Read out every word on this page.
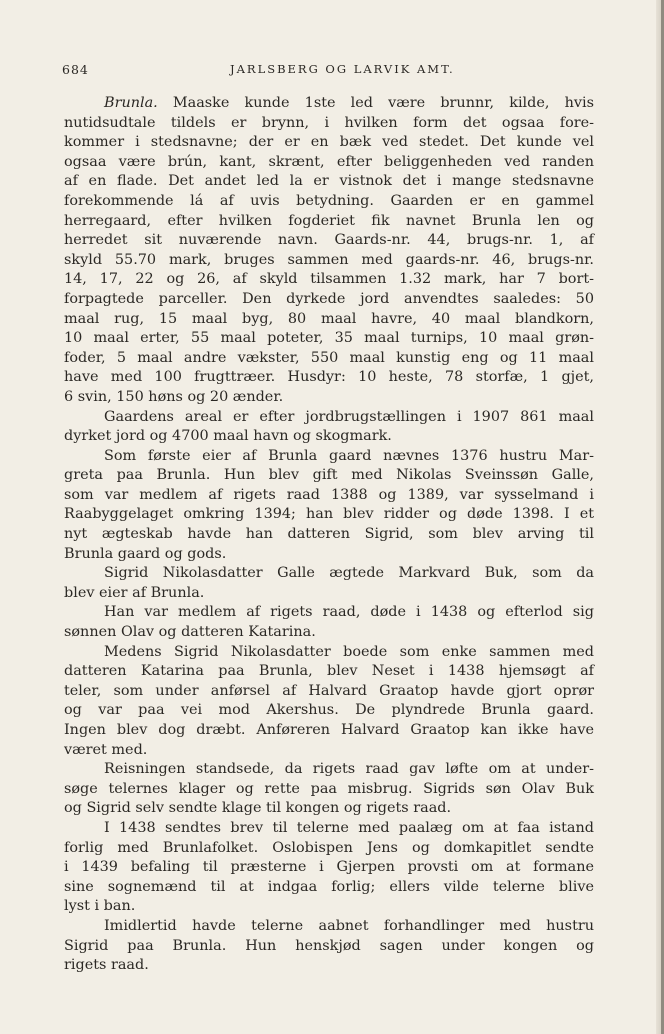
684	JARLSBERG OG LARVIK AMT.
Brunla. Maaske kunde 1ste led være brunnr, kilde, hvis
nutidsudtale tildels er brynn, i hvilken form det ogsaa fore-
kommer i stedsnavne; der er en bæk ved stedet. Det kunde vel
ogsaa være brún, kant, skrænt, efter beliggenheden ved randen
af en flade. Det andet led la er vistnok det i mange stedsnavne
forekommende lá af uvis betydning. Gaarden er en gammel
herregaard, efter hvilken fogderiet fik navnet Brunla len og
herredet sit nuværende navn. Gaards-nr. 44, brugs-nr. 1, af
skyld 55.70 mark, bruges sammen med gaards-nr. 46, brugs-nr.
14, 17, 22 og 26, af skyld tilsammen 1.32 mark, har 7 bort-
forpagtede parceller. Den dyrkede jord anvendtes saaledes: 50
maal rug, 15 maal byg, 80 maal havre, 40 maal blandkorn,
10 maal erter, 55 maal poteter, 35 maal turnips, 10 maal grøn-
foder, 5 maal andre vækster, 550 maal kunstig eng og 11 maal
have med 100 frugttræer. Husdyr: 10 heste, 78 storfæ, 1 gjet,
6 svin, 150 høns og 20 ænder.
Gaardens areal er efter jordbrugstællingen i 1907 861 maal
dyrket jord og 4700 maal havn og skogmark.
Som første eier af Brunla gaard nævnes 1376 hustru Mar-
greta paa Brunla. Hun blev gift med Nikolas Sveinssøn Galle,
som var medlem af rigets raad 1388 og 1389, var sysselmand i
Raabyggelaget omkring 1394; han blev ridder og døde 1398. I et
nyt ægteskab havde han datteren Sigrid, som blev arving til
Brunla gaard og gods.
Sigrid Nikolasdatter Galle ægtede Markvard Buk, som da
blev eier af Brunla.
Han var medlem af rigets raad, døde i 1438 og efterlod sig
sønnen Olav og datteren Katarina.
Medens Sigrid Nikolasdatter boede som enke sammen med
datteren Katarina paa Brunla, blev Neset i 1438 hjemsøgt af
teler, som under anførsel af Halvard Graatop havde gjort oprør
og var paa vei mod Akershus. De plyndrede Brunla gaard.
Ingen blev dog dræbt. Anføreren Halvard Graatop kan ikke have
været med.
Reisningen standsede, da rigets raad gav løfte om at under-
søge telernes klager og rette paa misbrug. Sigrids søn Olav Buk
og Sigrid selv sendte klage til kongen og rigets raad.
I 1438 sendtes brev til telerne med paalæg om at faa istand
forlig med Brunlafolket. Oslobispen Jens og domkapitlet sendte
i 1439 befaling til præsterne i Gjerpen provsti om at formane
sine sognemænd til at indgaa forlig; ellers vilde telerne blive
lyst i ban.
Imidlertid havde telerne aabnet forhandlinger med hustru
Sigrid paa Brunla. Hun henskjød sagen under kongen og
rigets raad.
